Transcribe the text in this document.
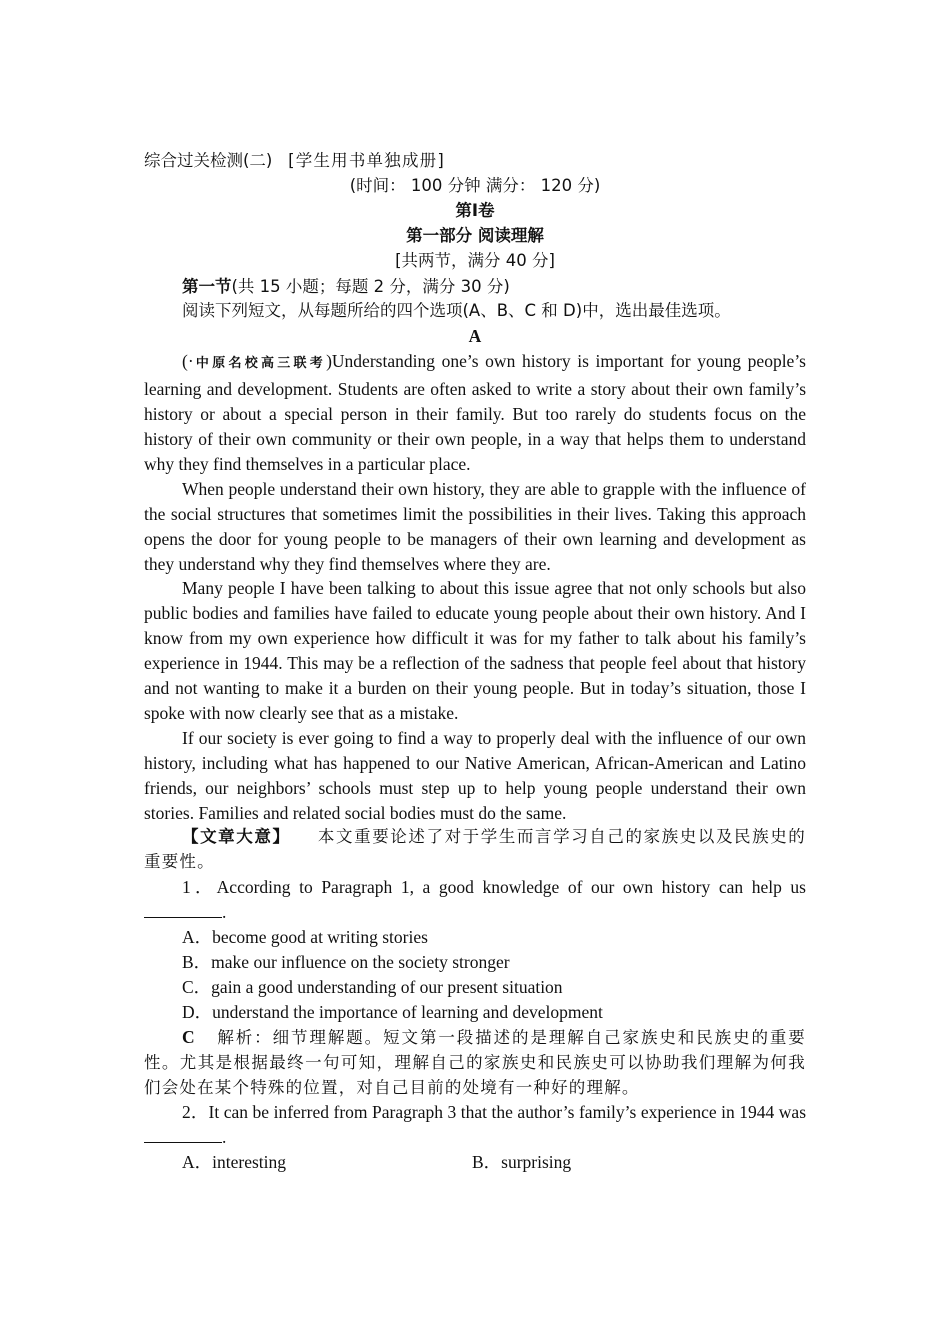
综合过关检测(二) [学生用书单独成册]
(时间： 100 分钟 满分： 120 分)
第Ⅰ卷
第一部分 阅读理解
[共两节，满分 40 分]
第一节(共 15 小题；每题 2 分，满分 30 分)
阅读下列短文，从每题所给的四个选项(A、B、C 和 D)中，选出最佳选项。
A
(·中原名校高三联考)Understanding one’s own history is important for young people’s learning and development. Students are often asked to write a story about their own family’s history or about a special person in their family. But too rarely do students focus on the history of their own community or their own people, in a way that helps them to understand why they find themselves in a particular place.
When people understand their own history, they are able to grapple with the influence of the social structures that sometimes limit the possibilities in their lives. Taking this approach opens the door for young people to be managers of their own learning and development as they understand why they find themselves where they are.
Many people I have been talking to about this issue agree that not only schools but also public bodies and families have failed to educate young people about their own history. And I know from my own experience how difficult it was for my father to talk about his family’s experience in 1944. This may be a reflection of the sadness that people feel about that history and not wanting to make it a burden on their young people. But in today’s situation, those I spoke with now clearly see that as a mistake.
If our society is ever going to find a way to properly deal with the influence of our own history, including what has happened to our Native American, African-American and Latino friends, our neighbors’ schools must step up to help young people understand their own stories. Families and related social bodies must do the same.
【文章大意】 本文重要论述了对于学生而言学习自己的家族史以及民族史的重要性。
1．According to Paragraph 1, a good knowledge of our own history can help us.
A．become good at writing stories
B．make our influence on the society stronger
C．gain a good understanding of our present situation
D．understand the importance of learning and development
C 解析：细节理解题。短文第一段描述的是理解自己家族史和民族史的重要性。尤其是根据最终一句可知，理解自己的家族史和民族史可以协助我们理解为何我们会处在某个特殊的位置，对自己目前的处境有一种好的理解。
2．It can be inferred from Paragraph 3 that the author’s family’s experience in 1944 was.
A．interesting	B．surprising
